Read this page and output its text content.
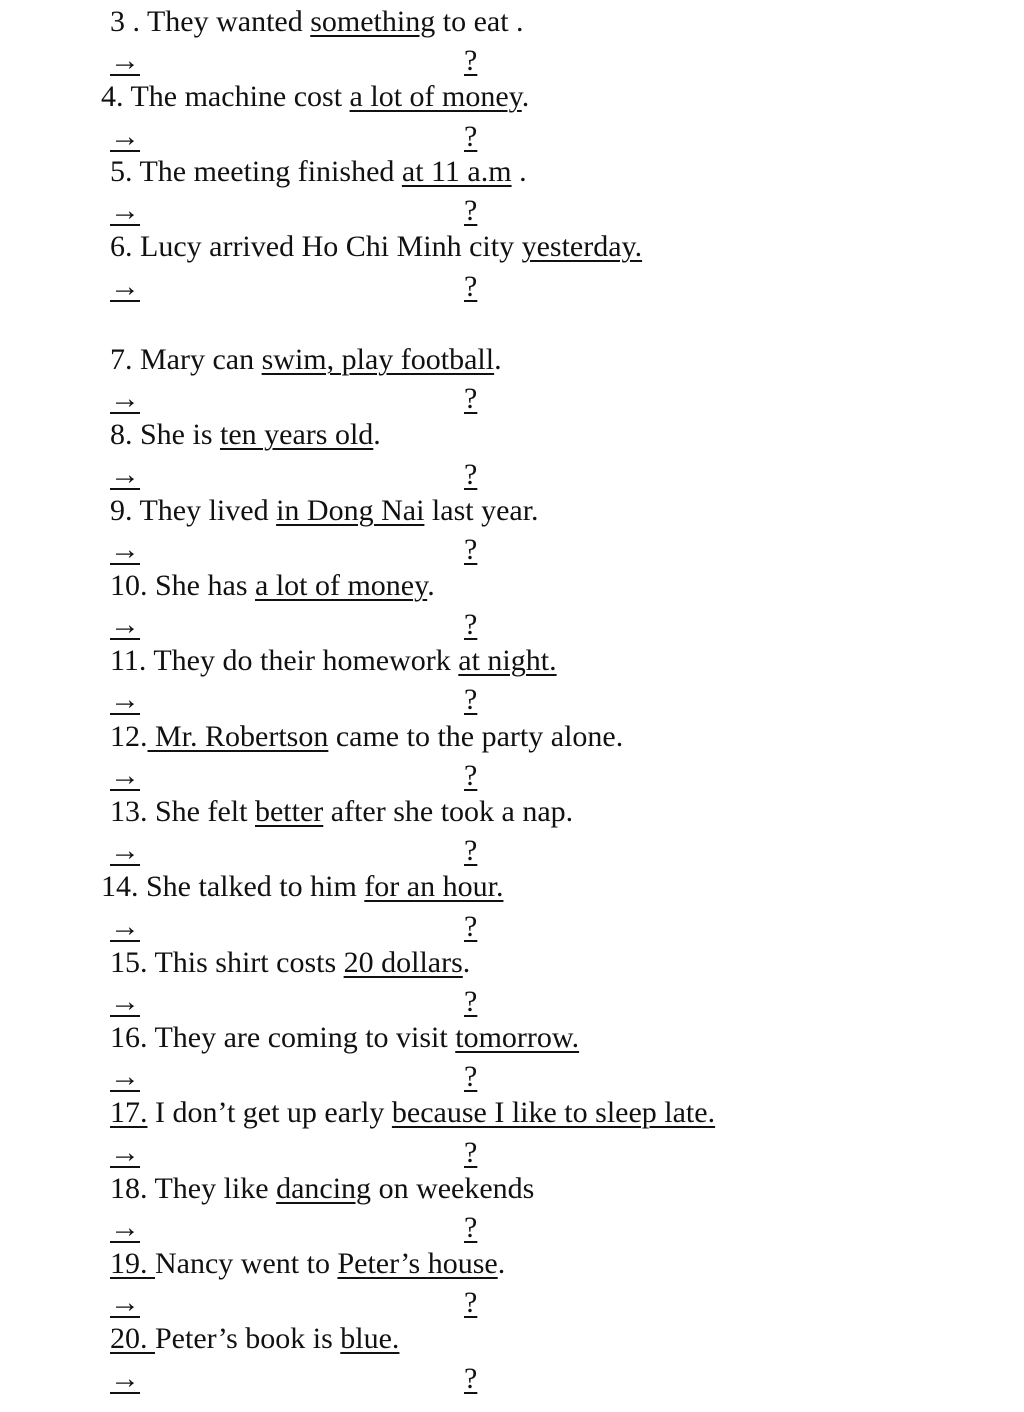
3 . They wanted something to eat .
→	?
4. The machine cost a lot of money.
→	?
5. The meeting finished at 11 a.m .
→	?
6. Lucy arrived Ho Chi Minh city yesterday.
→	?
7. Mary can swim, play football.
→	?
8. She is ten years old.
→	?
9. They lived in Dong Nai last year.
→	?
10. She has a lot of money.
→	?
11. They do their homework at night.
→	?
12. Mr. Robertson came to the party alone.
→	?
13. She felt better after she took a nap.
→	?
14. She talked to him for an hour.
→	?
15. This shirt costs 20 dollars.
→	?
16. They are coming to visit tomorrow.
→	?
17. I don’t get up early because I like to sleep late.
→	?
18. They like dancing on weekends
→	?
19. Nancy went to Peter’s house.
→	?
20. Peter’s book is blue.
→	?
